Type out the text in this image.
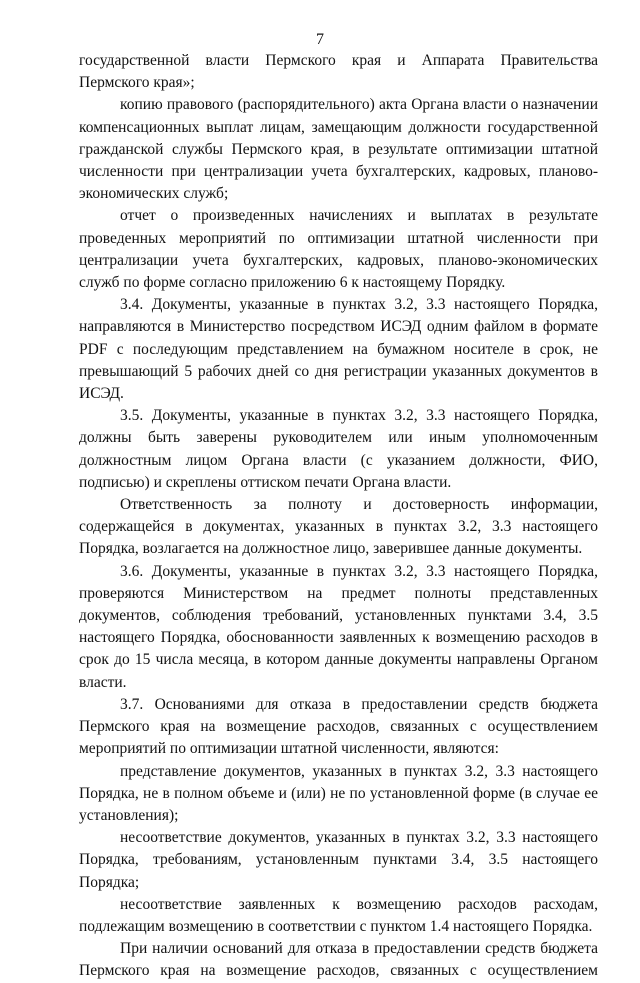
7

государственной власти Пермского края и Аппарата Правительства Пермского края»;

копию правового (распорядительного) акта Органа власти о назначении компенсационных выплат лицам, замещающим должности государственной гражданской службы Пермского края, в результате оптимизации штатной численности при централизации учета бухгалтерских, кадровых, планово-экономических служб;

отчет о произведенных начислениях и выплатах в результате проведенных мероприятий по оптимизации штатной численности при централизации учета бухгалтерских, кадровых, планово-экономических служб по форме согласно приложению 6 к настоящему Порядку.

3.4. Документы, указанные в пунктах 3.2, 3.3 настоящего Порядка, направляются в Министерство посредством ИСЭД одним файлом в формате PDF с последующим представлением на бумажном носителе в срок, не превышающий 5 рабочих дней со дня регистрации указанных документов в ИСЭД.

3.5. Документы, указанные в пунктах 3.2, 3.3 настоящего Порядка, должны быть заверены руководителем или иным уполномоченным должностным лицом Органа власти (с указанием должности, ФИО, подписью) и скреплены оттиском печати Органа власти.

Ответственность за полноту и достоверность информации, содержащейся в документах, указанных в пунктах 3.2, 3.3 настоящего Порядка, возлагается на должностное лицо, заверившее данные документы.

3.6. Документы, указанные в пунктах 3.2, 3.3 настоящего Порядка, проверяются Министерством на предмет полноты представленных документов, соблюдения требований, установленных пунктами 3.4, 3.5 настоящего Порядка, обоснованности заявленных к возмещению расходов в срок до 15 числа месяца, в котором данные документы направлены Органом власти.

3.7. Основаниями для отказа в предоставлении средств бюджета Пермского края на возмещение расходов, связанных с осуществлением мероприятий по оптимизации штатной численности, являются:

представление документов, указанных в пунктах 3.2, 3.3 настоящего Порядка, не в полном объеме и (или) не по установленной форме (в случае ее установления);

несоответствие документов, указанных в пунктах 3.2, 3.3 настоящего Порядка, требованиям, установленным пунктами 3.4, 3.5 настоящего Порядка;

несоответствие заявленных к возмещению расходов расходам, подлежащим возмещению в соответствии с пунктом 1.4 настоящего Порядка.

При наличии оснований для отказа в предоставлении средств бюджета Пермского края на возмещение расходов, связанных с осуществлением
